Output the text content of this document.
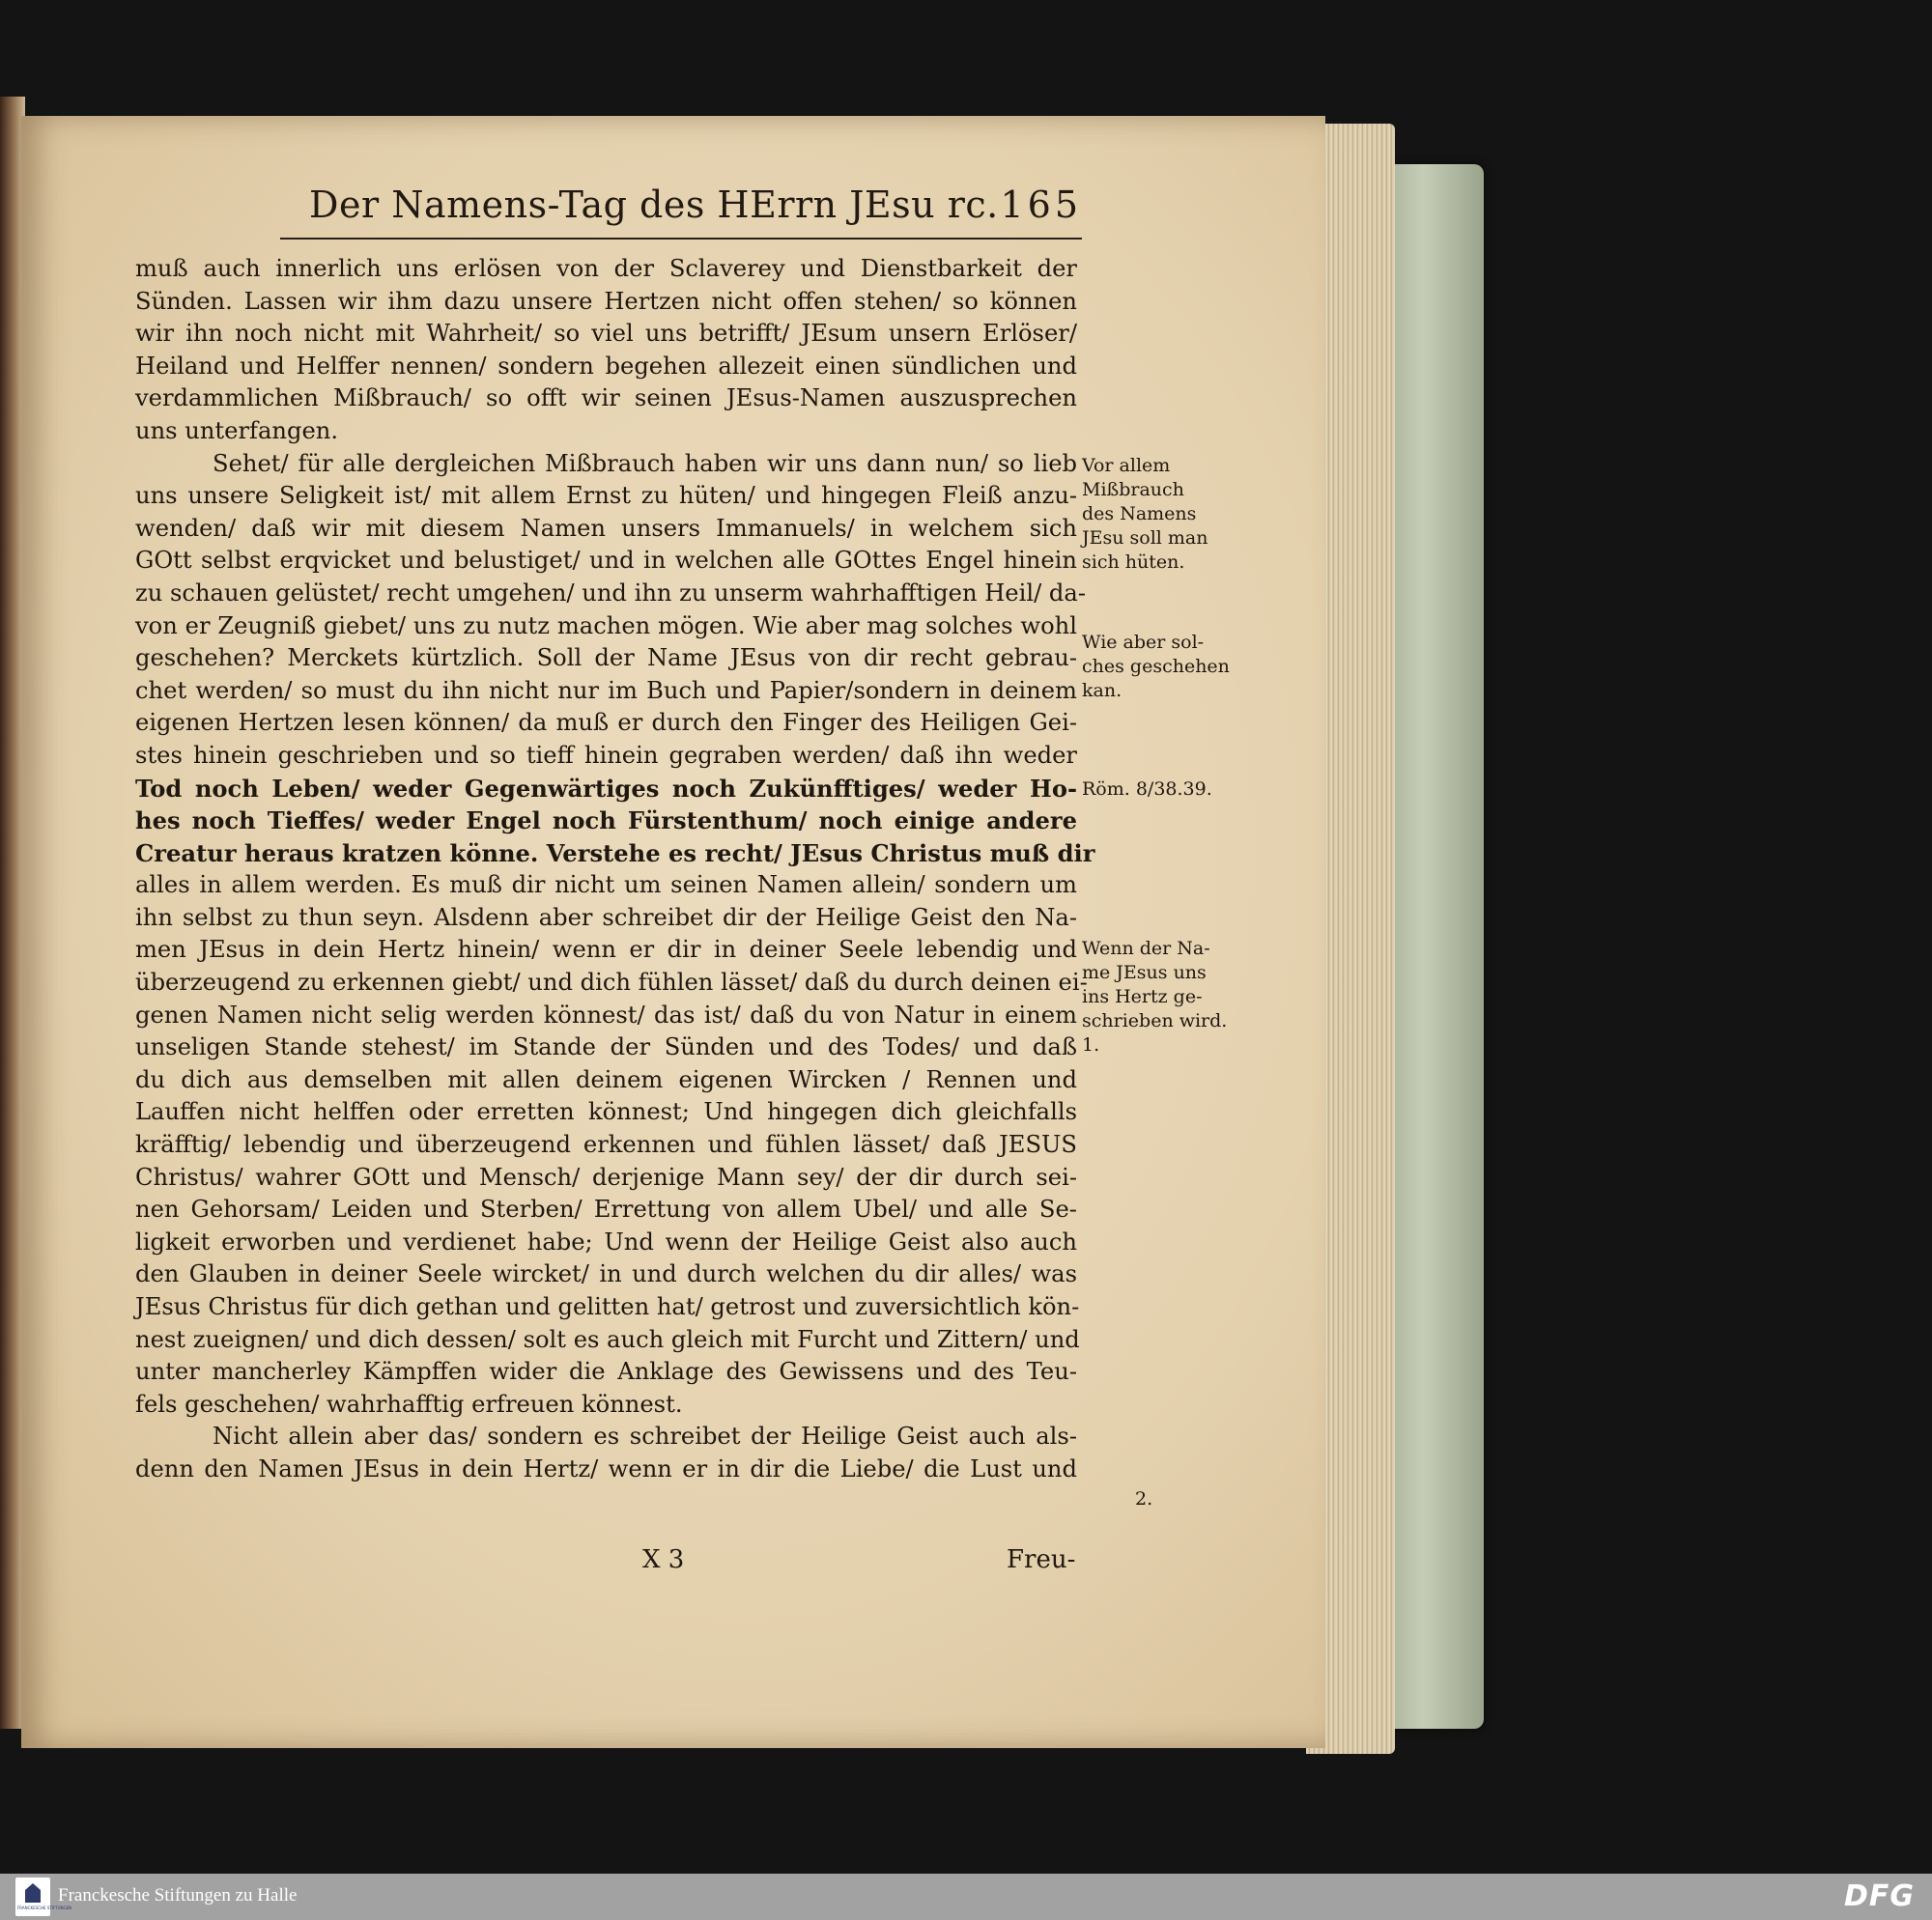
Der Namens-Tag des HErrn JEsu rc. 165
muß auch innerlich uns erlösen von der Sclaverey und Dienstbarkeit der
Sünden. Lassen wir ihm dazu unsere Hertzen nicht offen stehen/ so können
wir ihn noch nicht mit Wahrheit/ so viel uns betrifft/ JEsum unsern Erlöser/
Heiland und Helffer nennen/ sondern begehen allezeit einen sündlichen und
verdammlichen Mißbrauch/ so offt wir seinen JEsus-Namen auszusprechen
uns unterfangen.
Sehet/ für alle dergleichen Mißbrauch haben wir uns dann nun/ so lieb
uns unsere Seligkeit ist/ mit allem Ernst zu hüten/ und hingegen Fleiß anzu-
wenden/ daß wir mit diesem Namen unsers Immanuels/ in welchem sich
GOtt selbst erqvicket und belustiget/ und in welchen alle GOttes Engel hinein
zu schauen gelüstet/ recht umgehen/ und ihn zu unserm wahrhafftigen Heil/ da-
von er Zeugniß giebet/ uns zu nutz machen mögen. Wie aber mag solches wohl
geschehen? Merckets kürtzlich. Soll der Name JEsus von dir recht gebrau-
chet werden/ so must du ihn nicht nur im Buch und Papier/sondern in deinem
eigenen Hertzen lesen können/ da muß er durch den Finger des Heiligen Gei-
stes hinein geschrieben und so tieff hinein gegraben werden/ daß ihn weder
Tod noch Leben/ weder Gegenwärtiges noch Zukünfftiges/ weder Ho-
hes noch Tieffes/ weder Engel noch Fürstenthum/ noch einige andere
Creatur heraus kratzen könne. Verstehe es recht/ JEsus Christus muß dir
alles in allem werden. Es muß dir nicht um seinen Namen allein/ sondern um
ihn selbst zu thun seyn. Alsdenn aber schreibet dir der Heilige Geist den Na-
men JEsus in dein Hertz hinein/ wenn er dir in deiner Seele lebendig und
überzeugend zu erkennen giebt/ und dich fühlen lässet/ daß du durch deinen ei-
genen Namen nicht selig werden könnest/ das ist/ daß du von Natur in einem
unseligen Stande stehest/ im Stande der Sünden und des Todes/ und daß
du dich aus demselben mit allen deinem eigenen Wircken / Rennen und
Lauffen nicht helffen oder erretten könnest; Und hingegen dich gleichfalls
kräfftig/ lebendig und überzeugend erkennen und fühlen lässet/ daß JESUS
Christus/ wahrer GOtt und Mensch/ derjenige Mann sey/ der dir durch sei-
nen Gehorsam/ Leiden und Sterben/ Errettung von allem Ubel/ und alle Se-
ligkeit erworben und verdienet habe; Und wenn der Heilige Geist also auch
den Glauben in deiner Seele wircket/ in und durch welchen du dir alles/ was
JEsus Christus für dich gethan und gelitten hat/ getrost und zuversichtlich kön-
nest zueignen/ und dich dessen/ solt es auch gleich mit Furcht und Zittern/ und
unter mancherley Kämpffen wider die Anklage des Gewissens und des Teu-
fels geschehen/ wahrhafftig erfreuen könnest.
Nicht allein aber das/ sondern es schreibet der Heilige Geist auch als-
denn den Namen JEsus in dein Hertz/ wenn er in dir die Liebe/ die Lust und
Vor allem
Mißbrauch
des Namens
JEsu soll man
sich hüten.
Wie aber sol-
ches geschehen
kan.
Röm. 8/38.39.
Wenn der Na-
me JEsus uns
ins Hertz ge-
schrieben wird.
1.
2.
X 3	Freu-
FRANCKESCHE STIFTUNGEN
Franckesche Stiftungen zu Halle	DFG
